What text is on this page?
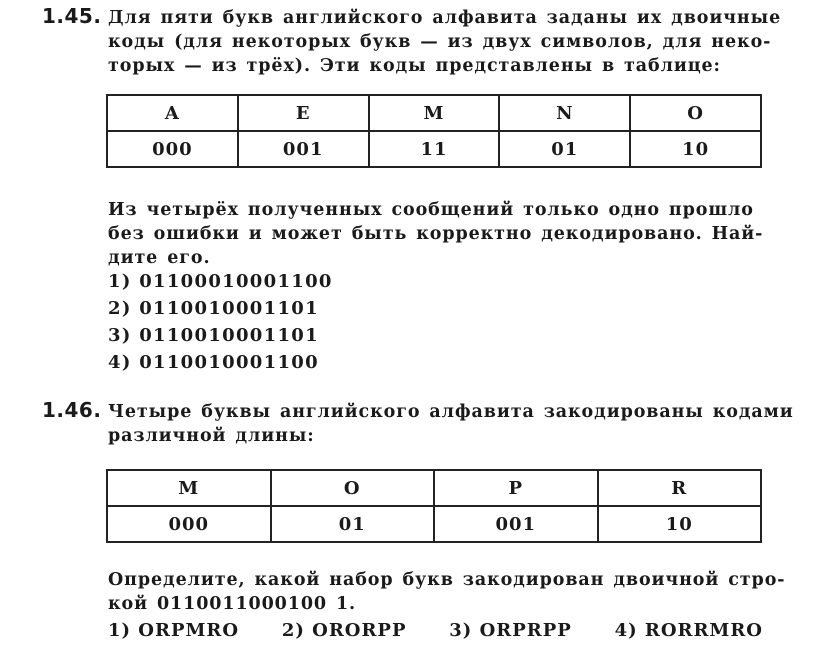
1.45. Для пяти букв английского алфавита заданы их двоичные
коды (для некоторых букв — из двух символов, для неко-
торых — из трёх). Эти коды представлены в таблице:
A	E	M	N	O
000	001	11	01	10
Из четырёх полученных сообщений только одно прошло
без ошибки и может быть корректно декодировано. Най-
дите его.
1) 01100010001100
2) 0110010001101
3) 0110010001101
4) 0110010001100
1.46. Четыре буквы английского алфавита закодированы кодами
различной длины:
M	O	P	R
000	01	001	10
Определите, какой набор букв закодирован двоичной стро-
кой 0110011000100 1.
1) ORPMRO 2) ORORPP 3) ORPRPP 4) RORRMRO
